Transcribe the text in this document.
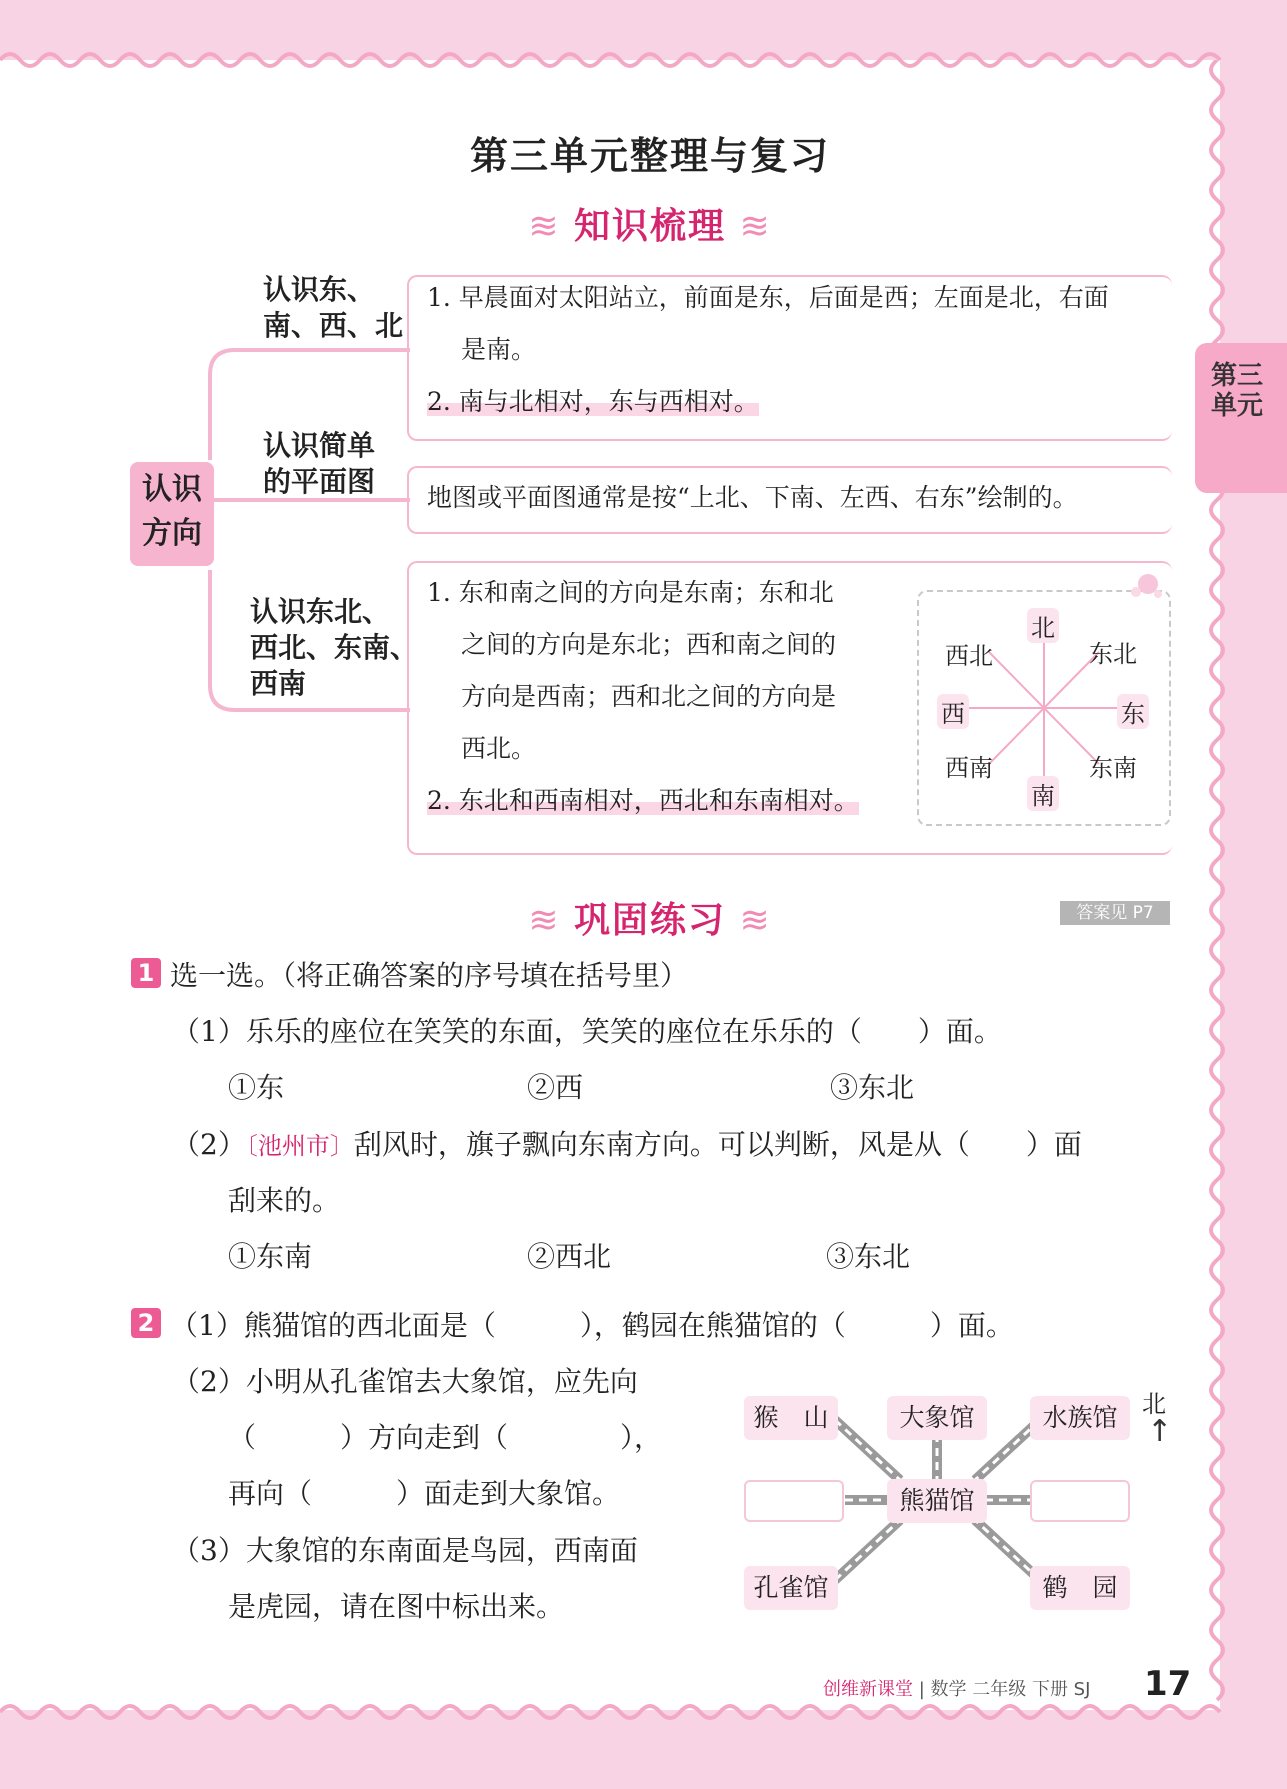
第三单元整理与复习
第三单元
≋ 知识梳理 ≋
认识方向
认识东、
南、西、北
1. 早晨面对太阳站立，前面是东，后面是西；左面是北，右面
是南。
2. 南与北相对，东与西相对。
认识简单
的平面图 地图或平面图通常是按“上北、下南、左西、右东”绘制的。
认识东北、
西北、东南、
西南
1. 东和南之间的方向是东南；东和北
之间的方向是东北；西和南之间的
方向是西南；西和北之间的方向是
西北。
2. 东北和西南相对，西北和东南相对。
北
南
西	东
西北	东北
西南	东南
≋ 巩固练习 ≋	答案见 P7
1 选一选。（将正确答案的序号填在括号里）
（1）乐乐的座位在笑笑的东面，笑笑的座位在乐乐的（　　）面。
①东	②西	③东北
（2）〔池州市〕刮风时，旗子飘向东南方向。可以判断，风是从（　　）面
刮来的。
①东南	②西北	③东北
2 （1）熊猫馆的西北面是（　　　），鹤园在熊猫馆的（　　　）面。
（2）小明从孔雀馆去大象馆，应先向
（　　　）方向走到（　　　　），
再向（　　　）面走到大象馆。
（3）大象馆的东南面是鸟园，西南面
是虎园，请在图中标出来。
猴　山	大象馆	水族馆
熊猫馆
孔雀馆	鹤　园
北
↑
创维新课堂 | 数学 二年级 下册 SJ 17
